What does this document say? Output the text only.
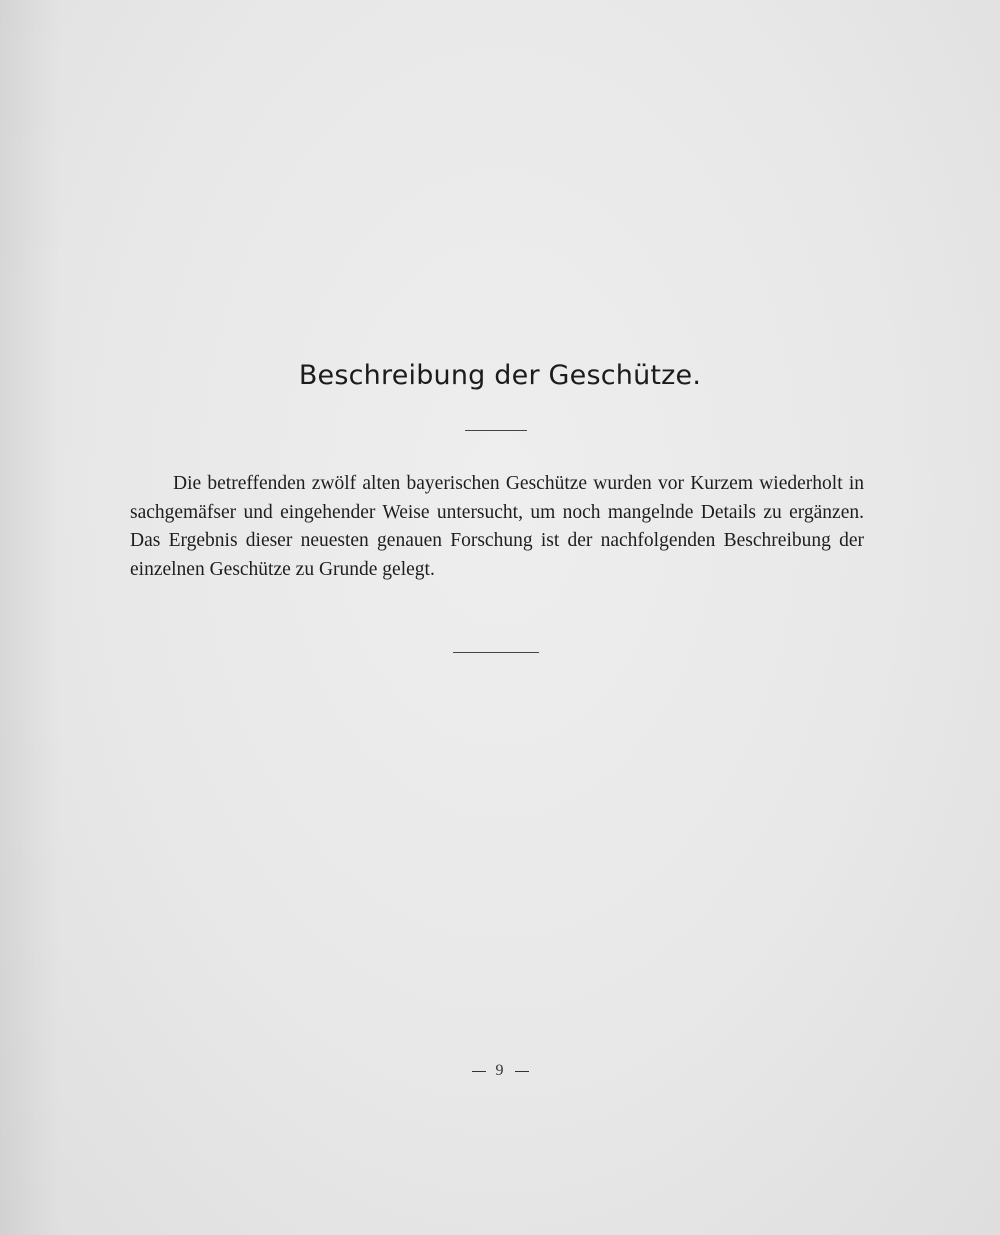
Beschreibung der Geschütze.

Die betreffenden zwölf alten bayerischen Geschütze wurden vor Kurzem wiederholt in sachgemäfser und eingehender Weise untersucht, um noch mangelnde Details zu ergänzen. Das Ergebnis dieser neuesten genauen Forschung ist der nachfolgenden Beschreibung der einzelnen Geschütze zu Grunde gelegt.

9
